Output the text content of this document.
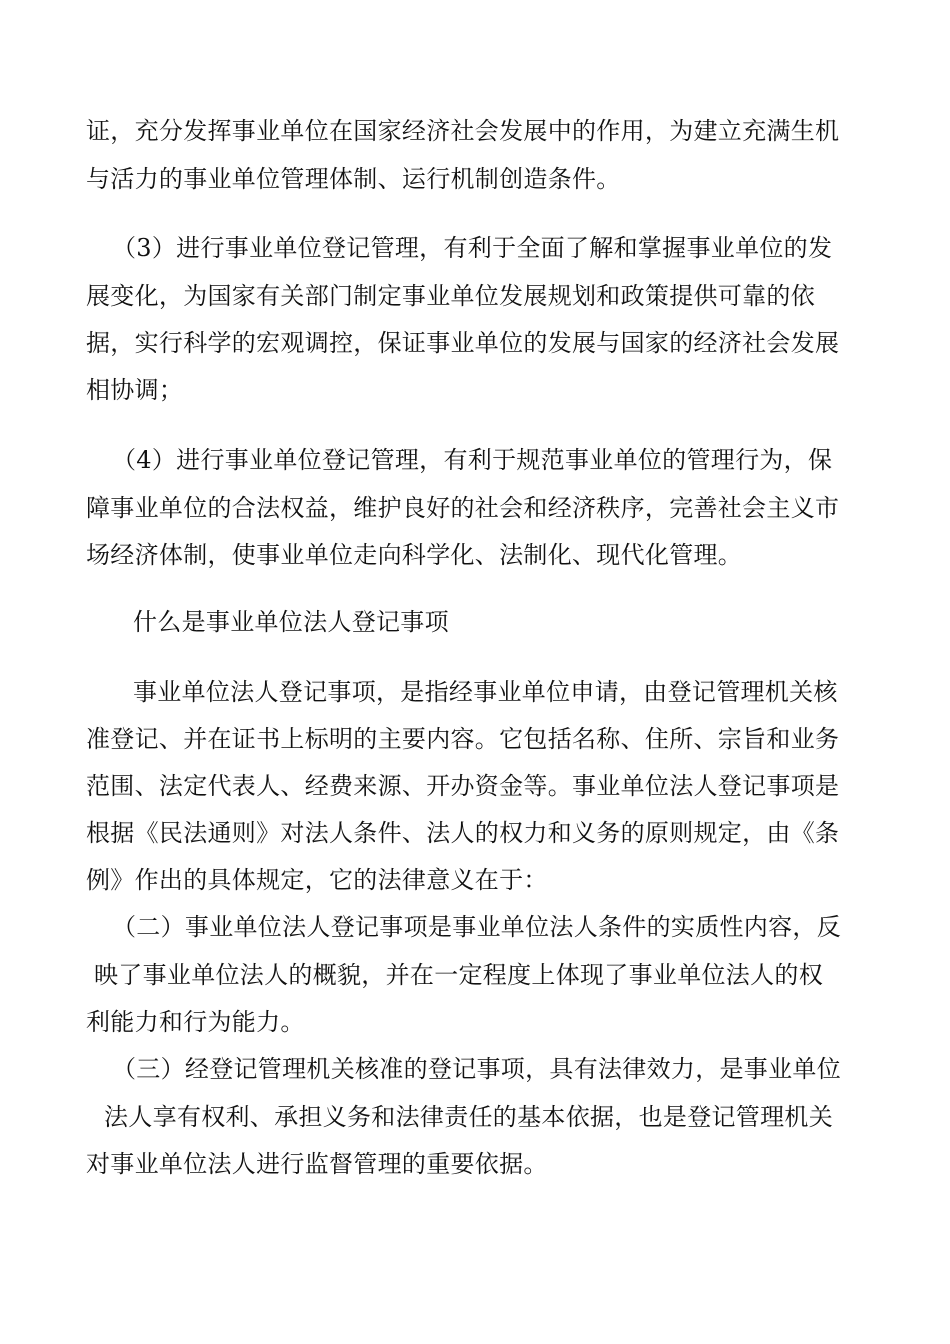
证，充分发挥事业单位在国家经济社会发展中的作用，为建立充满生机
与活力的事业单位管理体制、运行机制创造条件。
（3）进行事业单位登记管理，有利于全面了解和掌握事业单位的发
展变化，为国家有关部门制定事业单位发展规划和政策提供可靠的依
据，实行科学的宏观调控，保证事业单位的发展与国家的经济社会发展
相协调；
（4）进行事业单位登记管理，有利于规范事业单位的管理行为，保
障事业单位的合法权益，维护良好的社会和经济秩序，完善社会主义市
场经济体制，使事业单位走向科学化、法制化、现代化管理。
什么是事业单位法人登记事项
事业单位法人登记事项，是指经事业单位申请，由登记管理机关核
准登记、并在证书上标明的主要内容。它包括名称、住所、宗旨和业务
范围、法定代表人、经费来源、开办资金等。事业单位法人登记事项是
根据《民法通则》对法人条件、法人的权力和义务的原则规定，由《条
例》作出的具体规定，它的法律意义在于：
（二）事业单位法人登记事项是事业单位法人条件的实质性内容，反
映了事业单位法人的概貌，并在一定程度上体现了事业单位法人的权
利能力和行为能力。
（三）经登记管理机关核准的登记事项，具有法律效力，是事业单位
法人享有权利、承担义务和法律责任的基本依据，也是登记管理机关
对事业单位法人进行监督管理的重要依据。
